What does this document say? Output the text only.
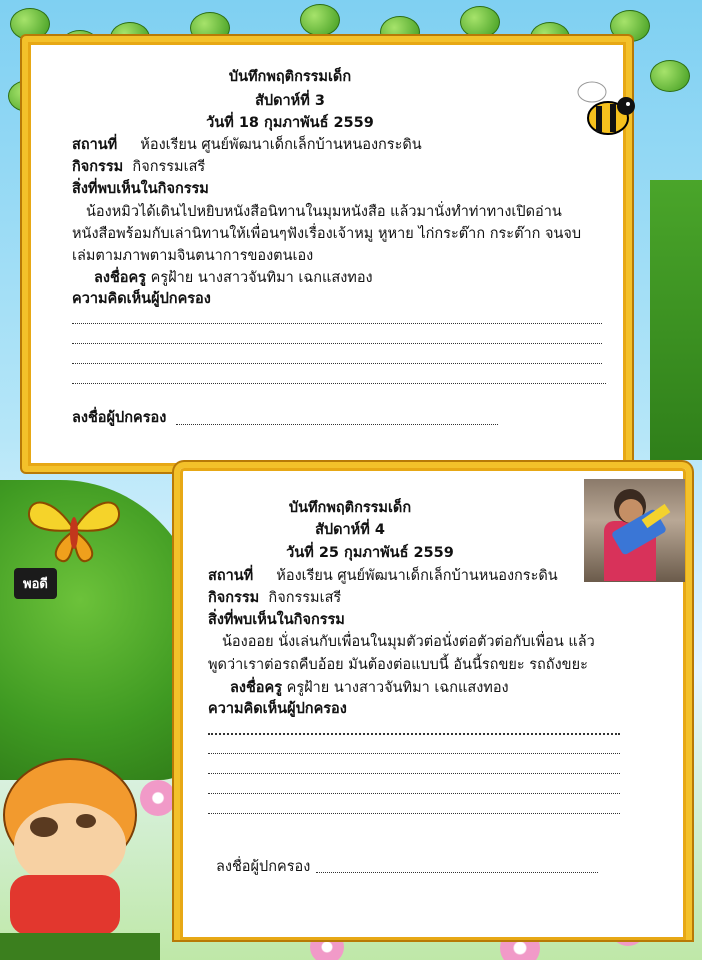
บันทึกพฤติกรรมเด็ก
สัปดาห์ที่ 3
วันที่ 18 กุมภาพันธ์ 2559
สถานที่ ห้องเรียน ศูนย์พัฒนาเด็กเล็กบ้านหนองกระดิน
กิจกรรม กิจกรรมเสรี
สิ่งที่พบเห็นในกิจกรรม
น้องหมิวได้เดินไปหยิบหนังสือนิทานในมุมหนังสือ แล้วมานั่งทำท่าทางเปิดอ่าน
หนังสือพร้อมกับเล่านิทานให้เพื่อนๆฟังเรื่องเจ้าหมู หูหาย ไก่กระต๊าก กระต๊าก จนจบ
เล่มตามภาพตามจินตนาการของตนเอง
ลงชื่อครู ครูฝ้าย นางสาวจันทิมา เฉกแสงทอง
ความคิดเห็นผู้ปกครอง
ลงชื่อผู้ปกครอง
บันทึกพฤติกรรมเด็ก
สัปดาห์ที่ 4
วันที่ 25 กุมภาพันธ์ 2559
สถานที่ ห้องเรียน ศูนย์พัฒนาเด็กเล็กบ้านหนองกระดิน
กิจกรรม กิจกรรมเสรี
สิ่งที่พบเห็นในกิจกรรม
น้องออย นั่งเล่นกับเพื่อนในมุมตัวต่อนั่งต่อตัวต่อกับเพื่อน แล้ว
พูดว่าเราต่อรถคืบอ้อย มันต้องต่อแบบนี้ อันนี้รถขยะ รถถังขยะ
ลงชื่อครู ครูฝ้าย นางสาวจันทิมา เฉกแสงทอง
ความคิดเห็นผู้ปกครอง
ลงชื่อผู้ปกครอง
พอดี
